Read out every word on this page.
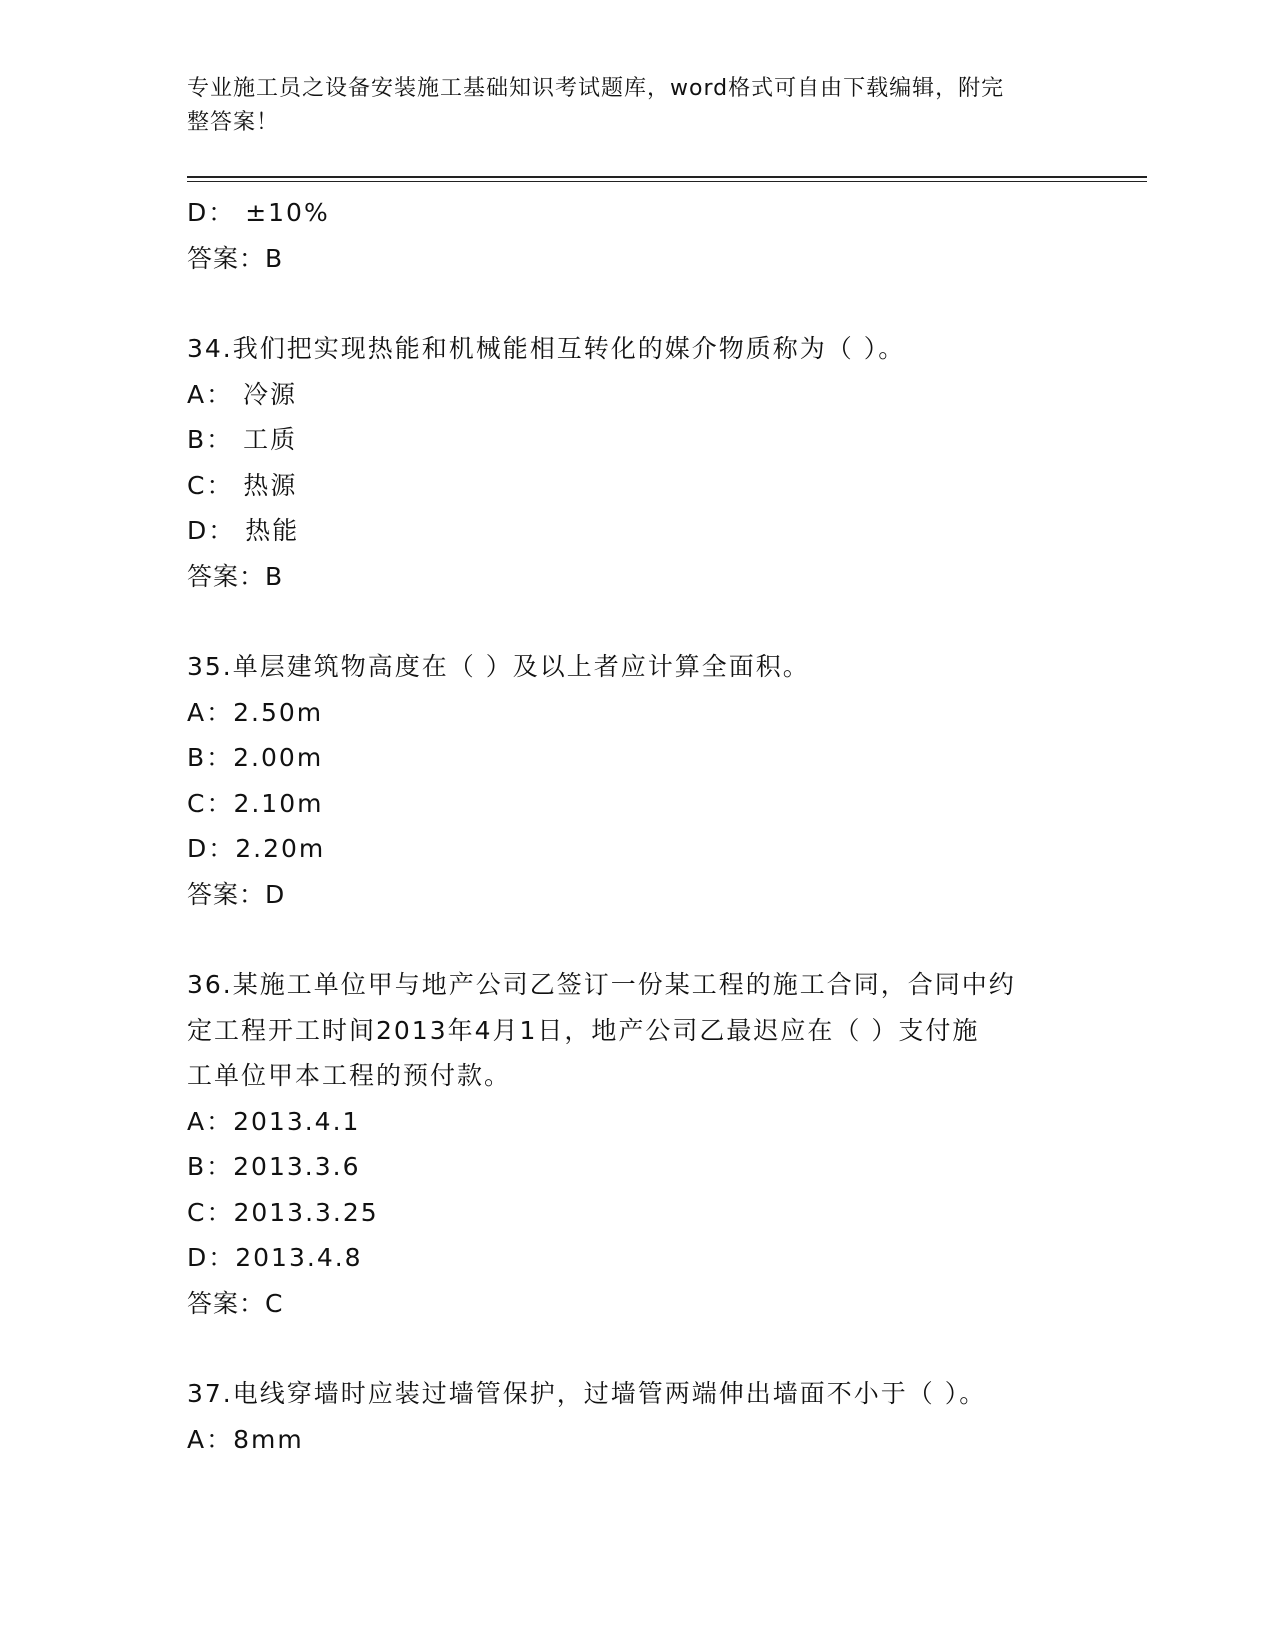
专业施工员之设备安装施工基础知识考试题库，word格式可自由下载编辑，附完
整答案！
D： ±10%
答案：B
34.我们把实现热能和机械能相互转化的媒介物质称为（ ）。
A： 冷源
B： 工质
C： 热源
D： 热能
答案：B
35.单层建筑物高度在（ ）及以上者应计算全面积。
A：2.50m
B：2.00m
C：2.10m
D：2.20m
答案：D
36.某施工单位甲与地产公司乙签订一份某工程的施工合同，合同中约
定工程开工时间2013年4月1日，地产公司乙最迟应在（ ）支付施
工单位甲本工程的预付款。
A：2013.4.1
B：2013.3.6
C：2013.3.25
D：2013.4.8
答案：C
37.电线穿墙时应装过墙管保护，过墙管两端伸出墙面不小于（ ）。
A：8mm
